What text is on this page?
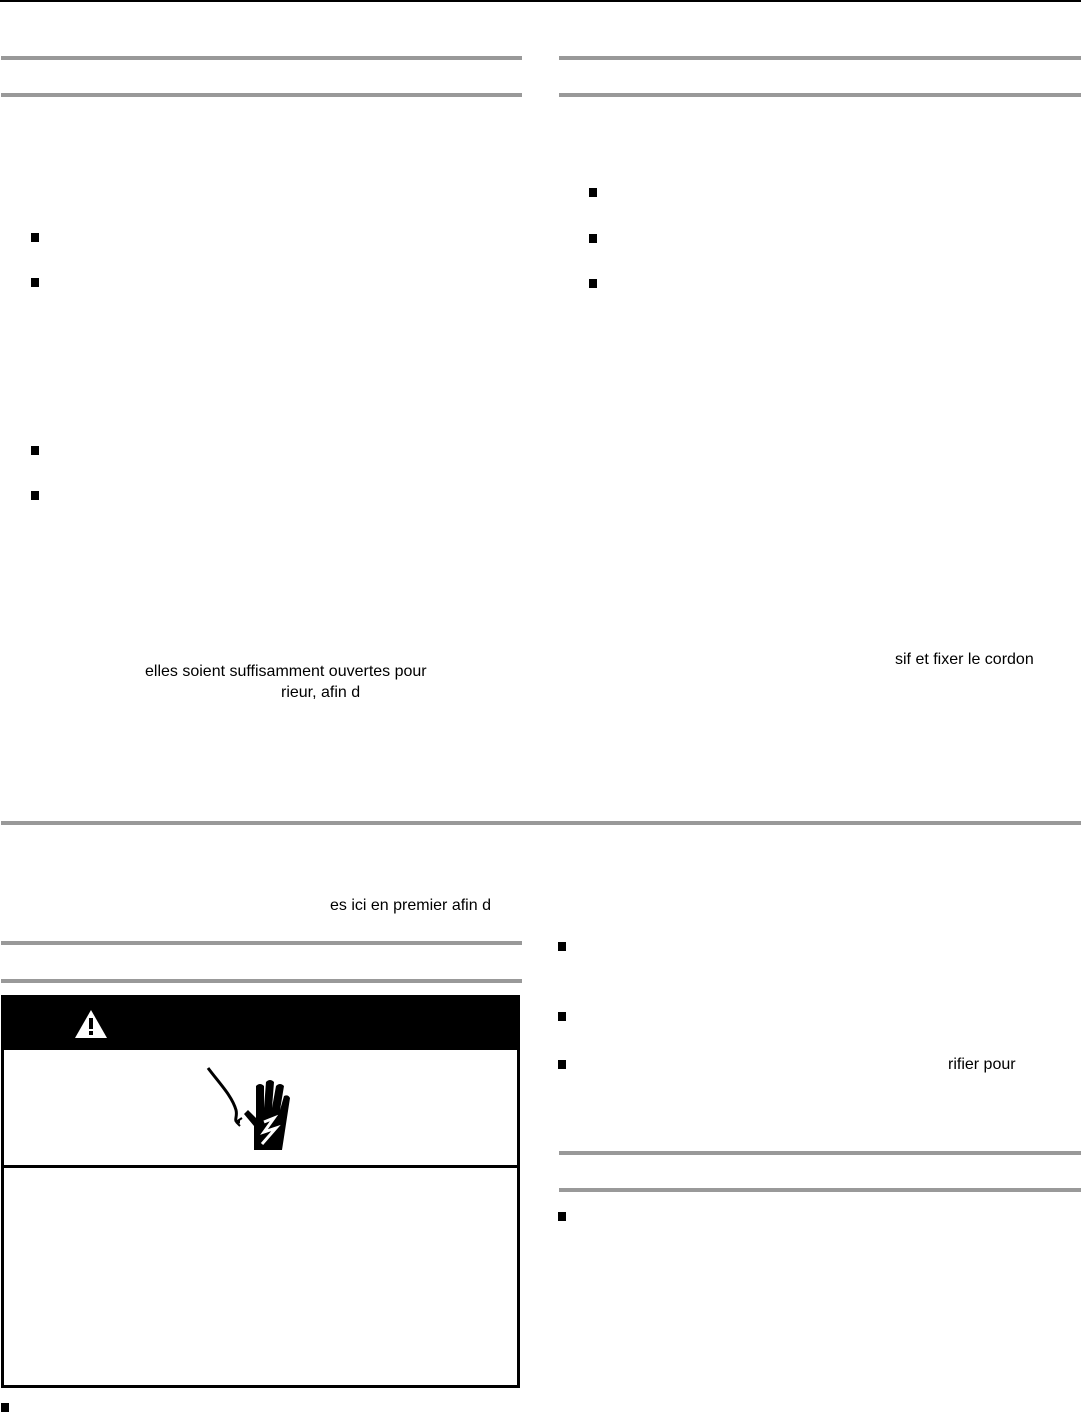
elles soient suffisamment ouvertes pour
rieur, afin d
sif et fixer le cordon
es ici en premier afin d
rifier pour
